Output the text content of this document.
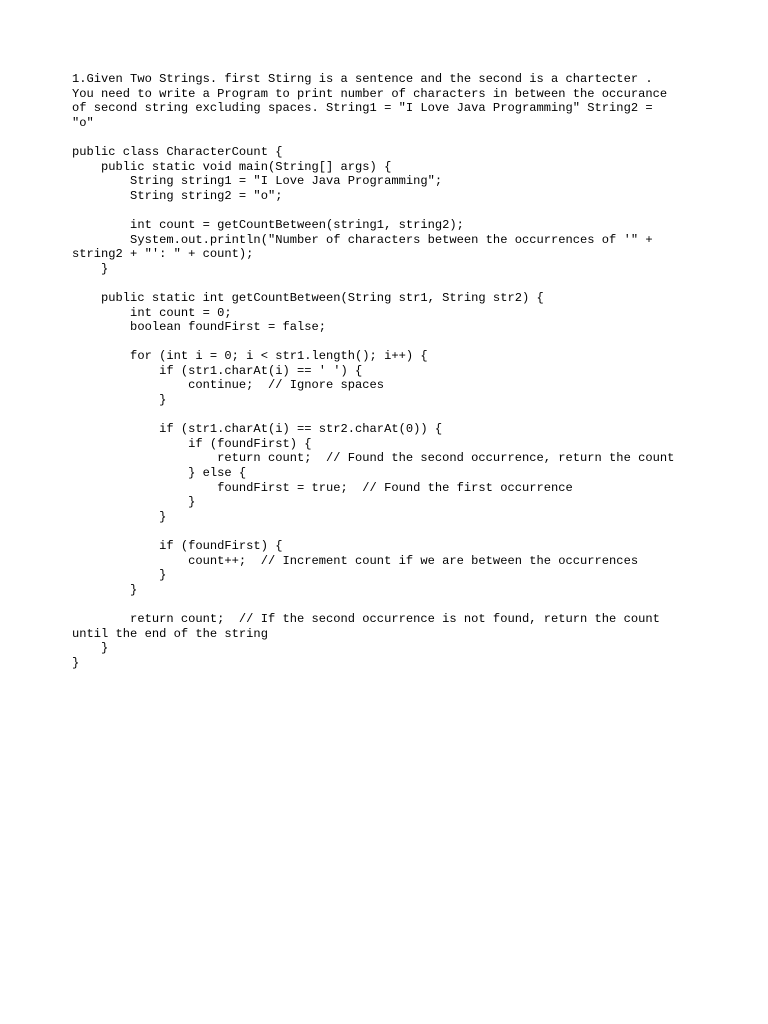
1.Given Two Strings. first Stirng is a sentence and the second is a chartecter .
You need to write a Program to print number of characters in between the occurance
of second string excluding spaces. String1 = "I Love Java Programming" String2 =
"o"
public class CharacterCount {
public static void main(String[] args) {
String string1 = "I Love Java Programming";
String string2 = "o";
int count = getCountBetween(string1, string2);
System.out.println("Number of characters between the occurrences of '" +
string2 + "': " + count);
}
public static int getCountBetween(String str1, String str2) {
int count = 0;
boolean foundFirst = false;
for (int i = 0; i < str1.length(); i++) {
if (str1.charAt(i) == ' ') {
continue;  // Ignore spaces
}
if (str1.charAt(i) == str2.charAt(0)) {
if (foundFirst) {
return count;  // Found the second occurrence, return the count
} else {
foundFirst = true;  // Found the first occurrence
}
}
if (foundFirst) {
count++;  // Increment count if we are between the occurrences
}
}
return count;  // If the second occurrence is not found, return the count
until the end of the string
}
}
